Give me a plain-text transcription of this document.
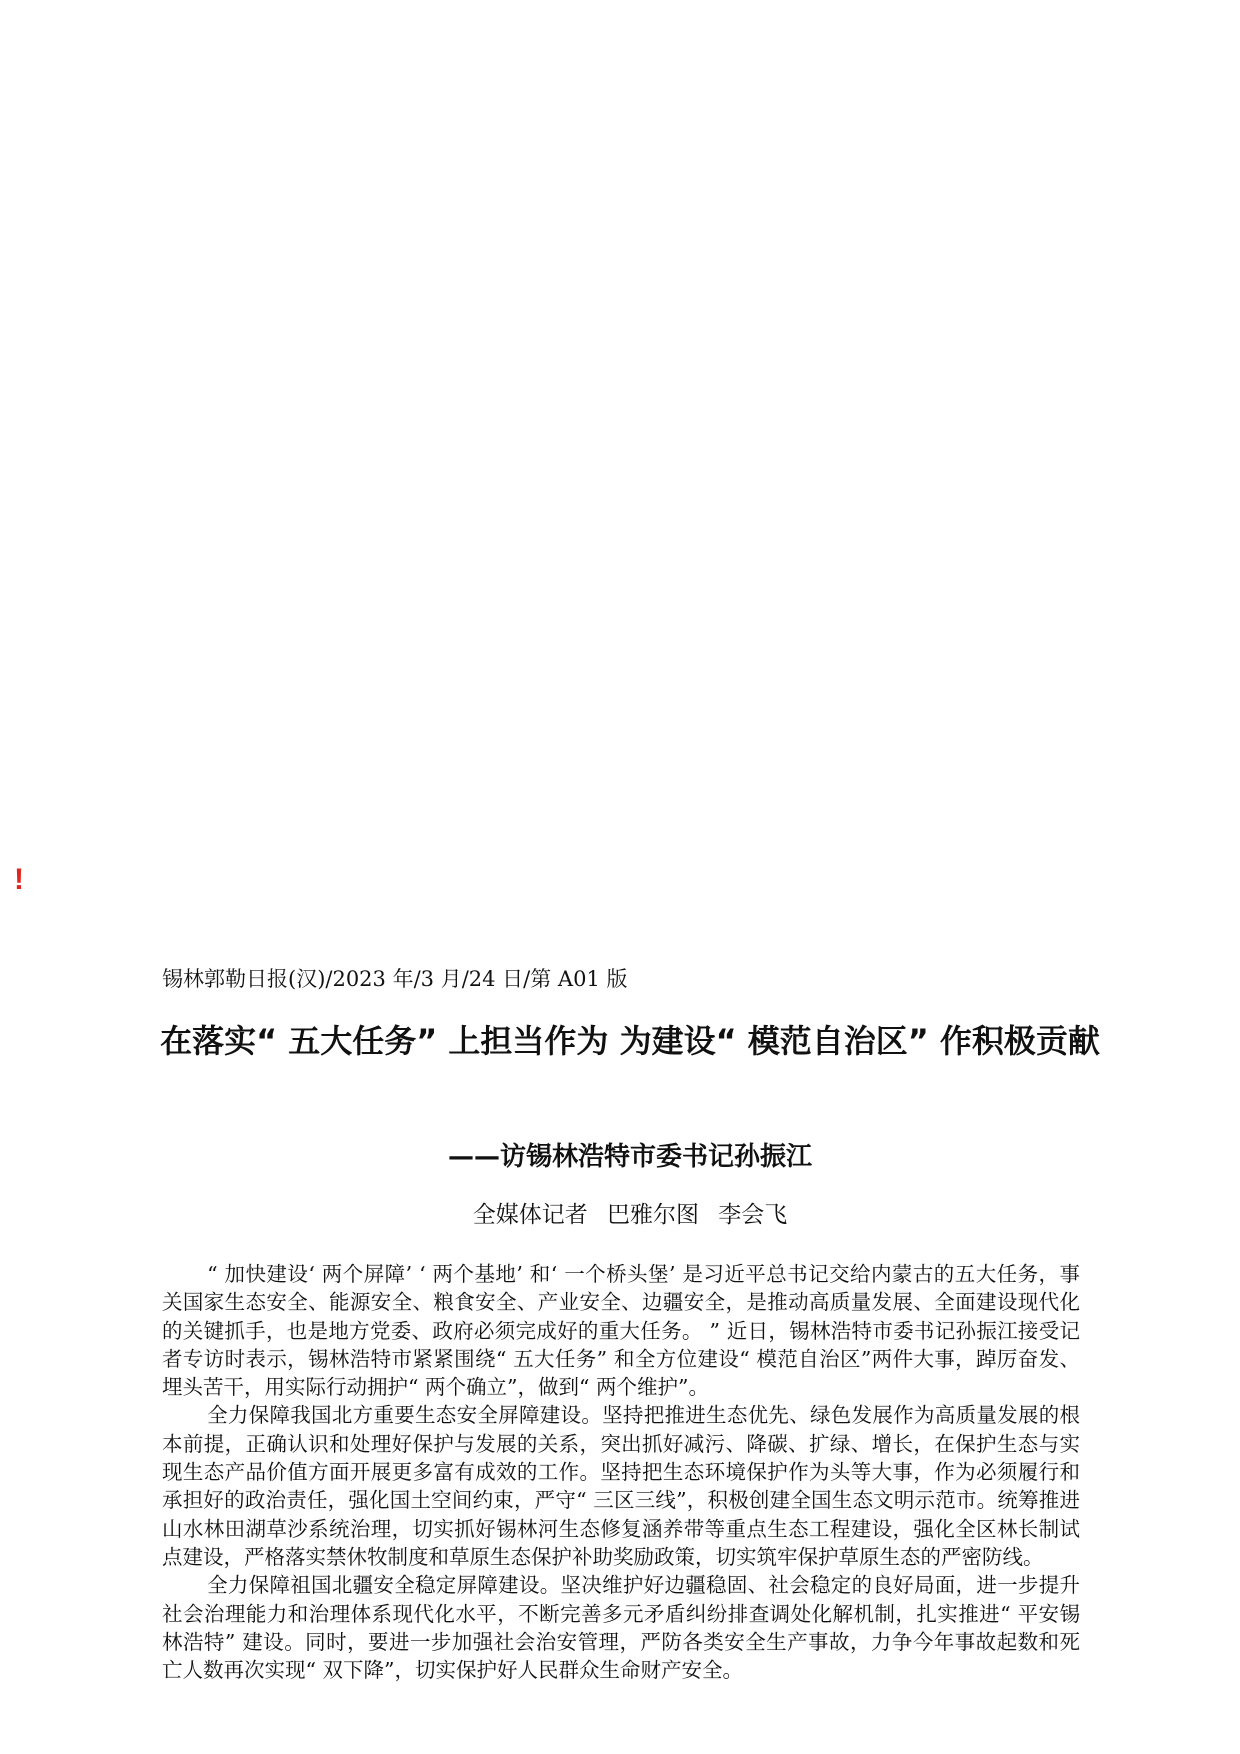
!
锡林郭勒日报(汉)/2023 年/3 月/24 日/第 A01 版
在落实“ 五大任务” 上担当作为 为建设“ 模范自治区” 作积极贡献
——访锡林浩特市委书记孙振江
全媒体记者 巴雅尔图 李会飞

“ 加快建设‘ 两个屏障’ ‘ 两个基地’ 和‘ 一个桥头堡’ 是习近平总书记交给内蒙古的五大任务，事关国家生态安全、能源安全、粮食安全、产业安全、边疆安全，是推动高质量发展、全面建设现代化的关键抓手，也是地方党委、政府必须完成好的重大任务。 ” 近日，锡林浩特市委书记孙振江接受记者专访时表示，锡林浩特市紧紧围绕“ 五大任务” 和全方位建设“ 模范自治区”两件大事，踔厉奋发、埋头苦干，用实际行动拥护“ 两个确立”，做到“ 两个维护”。

全力保障我国北方重要生态安全屏障建设。坚持把推进生态优先、绿色发展作为高质量发展的根本前提，正确认识和处理好保护与发展的关系，突出抓好减污、降碳、扩绿、增长，在保护生态与实现生态产品价值方面开展更多富有成效的工作。坚持把生态环境保护作为头等大事，作为必须履行和承担好的政治责任，强化国土空间约束，严守“ 三区三线”，积极创建全国生态文明示范市。统筹推进山水林田湖草沙系统治理，切实抓好锡林河生态修复涵养带等重点生态工程建设，强化全区林长制试点建设，严格落实禁休牧制度和草原生态保护补助奖励政策，切实筑牢保护草原生态的严密防线。

全力保障祖国北疆安全稳定屏障建设。坚决维护好边疆稳固、社会稳定的良好局面，进一步提升社会治理能力和治理体系现代化水平，不断完善多元矛盾纠纷排查调处化解机制，扎实推进“ 平安锡林浩特” 建设。同时，要进一步加强社会治安管理，严防各类安全生产事故，力争今年事故起数和死亡人数再次实现“ 双下降”，切实保护好人民群众生命财产安全。
